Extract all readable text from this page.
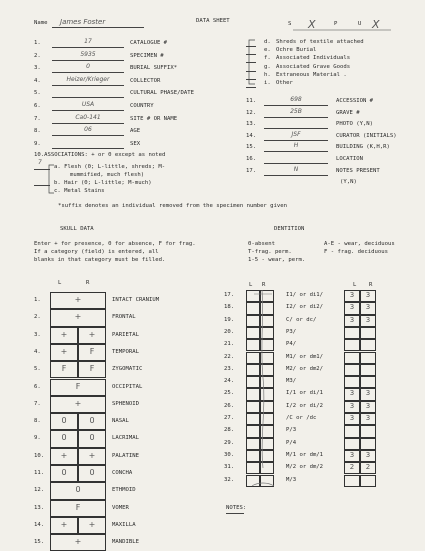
Name James Foster	DATA SHEET	S X	P	U X
1.	17	CATALOGUE #
2.	5935	SPECIMEN #
3.	0	BURIAL SUFFIX*
4.	Heizer/Krieger	COLLECTOR
5.	CULTURAL PHASE/DATE
6.	USA	COUNTRY
7.	Ca0-141	SITE # OR NAME
8.	06	AGE
9.	SEX
d. Shreds of textile attached
e. Ochre Burial
f. Associated Individuals
g. Associated Grave Goods
h. Extraneous Material .
i. Other
11.	698	ACCESSION #
12.	25B	GRAVE #
13.	PHOTO (Y,N)
14.	JSF	CURATOR (INITIALS)
15.	H	BUILDING (K,H,R)
16.	LOCATION
17.	N	NOTES PRESENT
(Y,N)
10.ASSOCIATIONS: + or 0 except as noted
7
a. Flesh (0; L-little, shreds; M-
mummified, much flesh)
b. Hair (0; L-little; M-much)
c. Metal Stains
*suffix denotes an individual removed from the specimen number given
SKULL DATA
Enter + for presence, 0 for absence, F for frag.
If a category (field) is entered, all
blanks in that category must be filled.
L	R
1.	+	INTACT CRANIUM
2.	+	FRONTAL
3.	+	+	PARIETAL
4.	+	F	TEMPORAL
5.	F	F	ZYGOMATIC
6.	F	OCCIPITAL
7.	+	SPHENOID
8.	0	0	NASAL
9.	0	0	LACRIMAL
10.	+	+	PALATINE
11.	0	0	CONCHA
12.	0	ETHMOID
13.	F	VOMER
14.	+	+	MAXILLA
15.	+	MANDIBLE
DENTITION
0-absent	A-E - wear, deciduous
T-frag. perm.	F - frag. deciduous
1-5 - wear, perm.
L R	L R
17.	I1/ or di1/	3	3
18.	I2/ or di2/	3	3
19.	C/ or dc/	3	3
20.	P3/
21.	P4/
22.	M1/ or dm1/
23.	M2/ or dm2/
24.	M3/
25.	I/1 or di/1	3	3
26.	I/2 or di/2	3	3
27.	/C or /dc	3	3
28.	P/3
29.	P/4
30.	M/1 or dm/1	3	3
31.	M/2 or dm/2	2	2
32.	M/3
NOTES:
